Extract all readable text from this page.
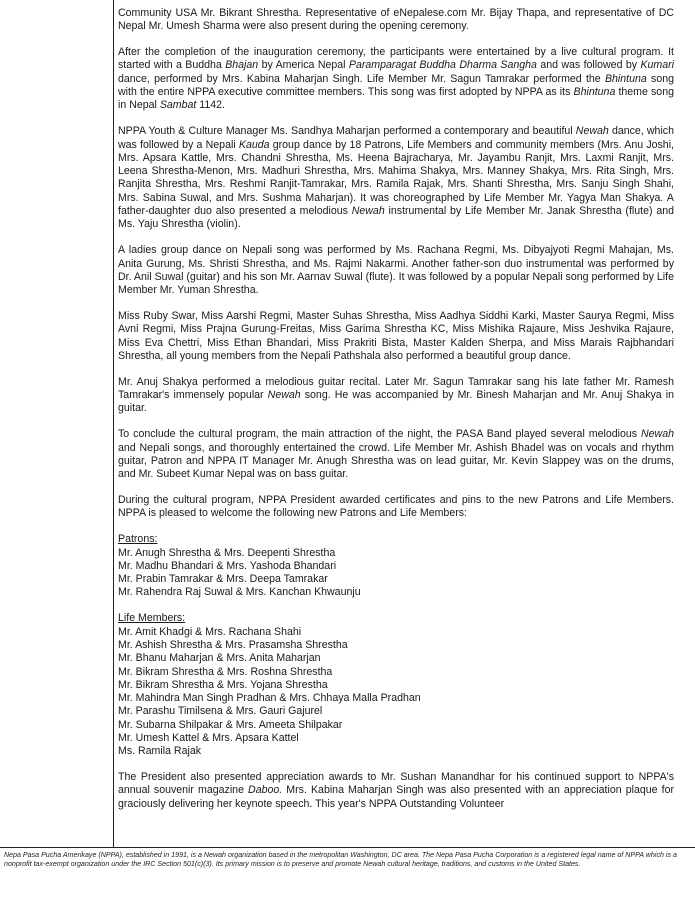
Community USA Mr. Bikrant Shrestha. Representative of eNepalese.com Mr. Bijay Thapa, and representative of DC Nepal Mr. Umesh Sharma were also present during the opening ceremony.

After the completion of the inauguration ceremony, the participants were entertained by a live cultural program. It started with a Buddha Bhajan by America Nepal Paramparagat Buddha Dharma Sangha and was followed by Kumari dance, performed by Mrs. Kabina Maharjan Singh. Life Member Mr. Sagun Tamrakar performed the Bhintuna song with the entire NPPA executive committee members. This song was first adopted by NPPA as its Bhintuna theme song in Nepal Sambat 1142.

NPPA Youth & Culture Manager Ms. Sandhya Maharjan performed a contemporary and beautiful Newah dance, which was followed by a Nepali Kauda group dance by 18 Patrons, Life Members and community members (Mrs. Anu Joshi, Mrs. Apsara Kattle, Mrs. Chandni Shrestha, Ms. Heena Bajracharya, Mr. Jayambu Ranjit, Mrs. Laxmi Ranjit, Mrs. Leena Shrestha-Menon, Mrs. Madhuri Shrestha, Mrs. Mahima Shakya, Mrs. Manney Shakya, Mrs. Rita Singh, Mrs. Ranjita Shrestha, Mrs. Reshmi Ranjit-Tamrakar, Mrs. Ramila Rajak, Mrs. Shanti Shrestha, Mrs. Sanju Singh Shahi, Mrs. Sabina Suwal, and Mrs. Sushma Maharjan). It was choreographed by Life Member Mr. Yagya Man Shakya. A father-daughter duo also presented a melodious Newah instrumental by Life Member Mr. Janak Shrestha (flute) and Ms. Yaju Shrestha (violin).

A ladies group dance on Nepali song was performed by Ms. Rachana Regmi, Ms. Dibyajyoti Regmi Mahajan, Ms. Anita Gurung, Ms. Shristi Shrestha, and Ms. Rajmi Nakarmi. Another father-son duo instrumental was performed by Dr. Anil Suwal (guitar) and his son Mr. Aarnav Suwal (flute). It was followed by a popular Nepali song performed by Life Member Mr. Yuman Shrestha.

Miss Ruby Swar, Miss Aarshi Regmi, Master Suhas Shrestha, Miss Aadhya Siddhi Karki, Master Saurya Regmi, Miss Avni Regmi, Miss Prajna Gurung-Freitas, Miss Garima Shrestha KC, Miss Mishika Rajaure, Miss Jeshvika Rajaure, Miss Eva Chettri, Miss Ethan Bhandari, Miss Prakriti Bista, Master Kalden Sherpa, and Miss Marais Rajbhandari Shrestha, all young members from the Nepali Pathshala also performed a beautiful group dance.

Mr. Anuj Shakya performed a melodious guitar recital. Later Mr. Sagun Tamrakar sang his late father Mr. Ramesh Tamrakar's immensely popular Newah song. He was accompanied by Mr. Binesh Maharjan and Mr. Anuj Shakya in guitar.

To conclude the cultural program, the main attraction of the night, the PASA Band played several melodious Newah and Nepali songs, and thoroughly entertained the crowd. Life Member Mr. Ashish Bhadel was on vocals and rhythm guitar, Patron and NPPA IT Manager Mr. Anugh Shrestha was on lead guitar, Mr. Kevin Slappey was on the drums, and Mr. Subeet Kumar Nepal was on bass guitar.

During the cultural program, NPPA President awarded certificates and pins to the new Patrons and Life Members. NPPA is pleased to welcome the following new Patrons and Life Members:

Patrons:
Mr. Anugh Shrestha & Mrs. Deepenti Shrestha
Mr. Madhu Bhandari & Mrs. Yashoda Bhandari
Mr. Prabin Tamrakar & Mrs. Deepa Tamrakar
Mr. Rahendra Raj Suwal & Mrs. Kanchan Khwaunju
Life Members:
Mr. Amit Khadgi & Mrs. Rachana Shahi
Mr. Ashish Shrestha & Mrs. Prasamsha Shrestha
Mr. Bhanu Maharjan & Mrs. Anita Maharjan
Mr. Bikram Shrestha & Mrs. Roshna Shrestha
Mr. Bikram Shrestha & Mrs. Yojana Shrestha
Mr. Mahindra Man Singh Pradhan & Mrs. Chhaya Malla Pradhan
Mr. Parashu Timilsena & Mrs. Gauri Gajurel
Mr. Subarna Shilpakar & Mrs. Ameeta Shilpakar
Mr. Umesh Kattel & Mrs. Apsara Kattel
Ms. Ramila Rajak

The President also presented appreciation awards to Mr. Sushan Manandhar for his continued support to NPPA's annual souvenir magazine Daboo. Mrs. Kabina Maharjan Singh was also presented with an appreciation plaque for graciously delivering her keynote speech. This year's NPPA Outstanding Volunteer

Nepa Pasa Pucha Amerikaye (NPPA), established in 1991, is a Newah organization based in the metropolitan Washington, DC area. The Nepa Pasa Pucha Corporation is a registered legal name of NPPA which is a nonprofit tax-exempt organization under the IRC Section 501(c)(3). Its primary mission is to preserve and promote Newah cultural heritage, traditions, and customs in the United States.
